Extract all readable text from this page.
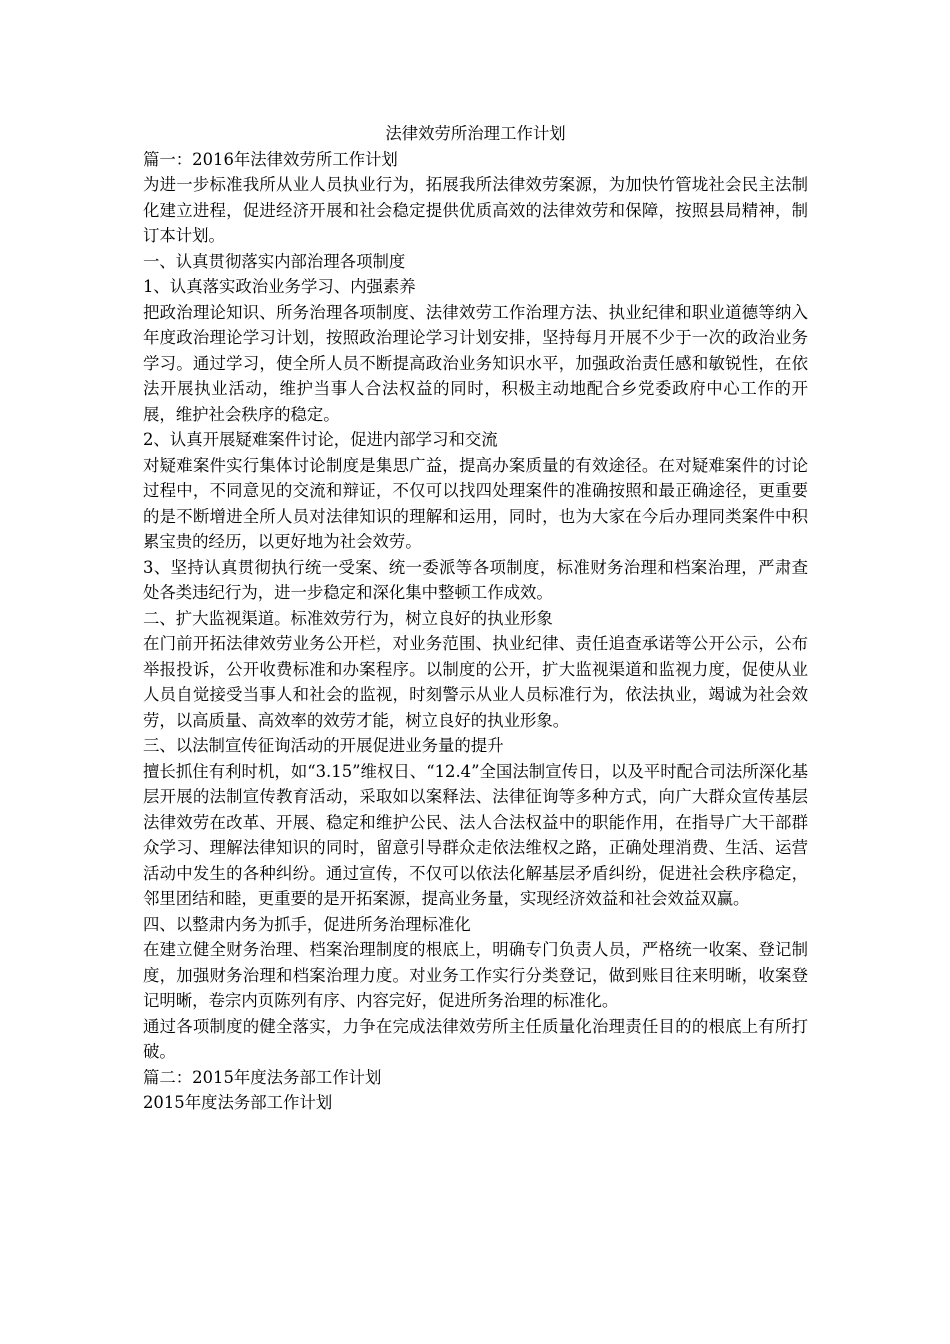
法律效劳所治理工作计划

篇一：2016年法律效劳所工作计划

为进一步标准我所从业人员执业行为，拓展我所法律效劳案源，为加快竹管垅社会民主法制化建立进程，促进经济开展和社会稳定提供优质高效的法律效劳和保障，按照县局精神，制订本计划。

一、认真贯彻落实内部治理各项制度

1、认真落实政治业务学习、内强素养

把政治理论知识、所务治理各项制度、法律效劳工作治理方法、执业纪律和职业道德等纳入年度政治理论学习计划，按照政治理论学习计划安排，坚持每月开展不少于一次的政治业务学习。通过学习，使全所人员不断提高政治业务知识水平，加强政治责任感和敏锐性，在依法开展执业活动，维护当事人合法权益的同时，积极主动地配合乡党委政府中心工作的开展，维护社会秩序的稳定。

2、认真开展疑难案件讨论，促进内部学习和交流

对疑难案件实行集体讨论制度是集思广益，提高办案质量的有效途径。在对疑难案件的讨论过程中，不同意见的交流和辩证，不仅可以找四处理案件的准确按照和最正确途径，更重要的是不断增进全所人员对法律知识的理解和运用，同时，也为大家在今后办理同类案件中积累宝贵的经历，以更好地为社会效劳。

3、坚持认真贯彻执行统一受案、统一委派等各项制度，标准财务治理和档案治理，严肃查处各类违纪行为，进一步稳定和深化集中整顿工作成效。

二、扩大监视渠道。标准效劳行为，树立良好的执业形象

在门前开拓法律效劳业务公开栏，对业务范围、执业纪律、责任追查承诺等公开公示，公布举报投诉，公开收费标准和办案程序。以制度的公开，扩大监视渠道和监视力度，促使从业人员自觉接受当事人和社会的监视，时刻警示从业人员标准行为，依法执业，竭诚为社会效劳，以高质量、高效率的效劳才能，树立良好的执业形象。

三、以法制宣传征询活动的开展促进业务量的提升

擅长抓住有利时机，如“3.15”维权日、“12.4”全国法制宣传日，以及平时配合司法所深化基层开展的法制宣传教育活动，采取如以案释法、法律征询等多种方式，向广大群众宣传基层法律效劳在改革、开展、稳定和维护公民、法人合法权益中的职能作用，在指导广大干部群众学习、理解法律知识的同时，留意引导群众走依法维权之路，正确处理消费、生活、运营活动中发生的各种纠纷。通过宣传，不仅可以依法化解基层矛盾纠纷，促进社会秩序稳定，邻里团结和睦，更重要的是开拓案源，提高业务量，实现经济效益和社会效益双赢。

四、以整肃内务为抓手，促进所务治理标准化

在建立健全财务治理、档案治理制度的根底上，明确专门负责人员，严格统一收案、登记制度，加强财务治理和档案治理力度。对业务工作实行分类登记，做到账目往来明晰，收案登记明晰，卷宗内页陈列有序、内容完好，促进所务治理的标准化。

通过各项制度的健全落实，力争在完成法律效劳所主任质量化治理责任目的的根底上有所打破。

篇二：2015年度法务部工作计划

2015年度法务部工作计划
